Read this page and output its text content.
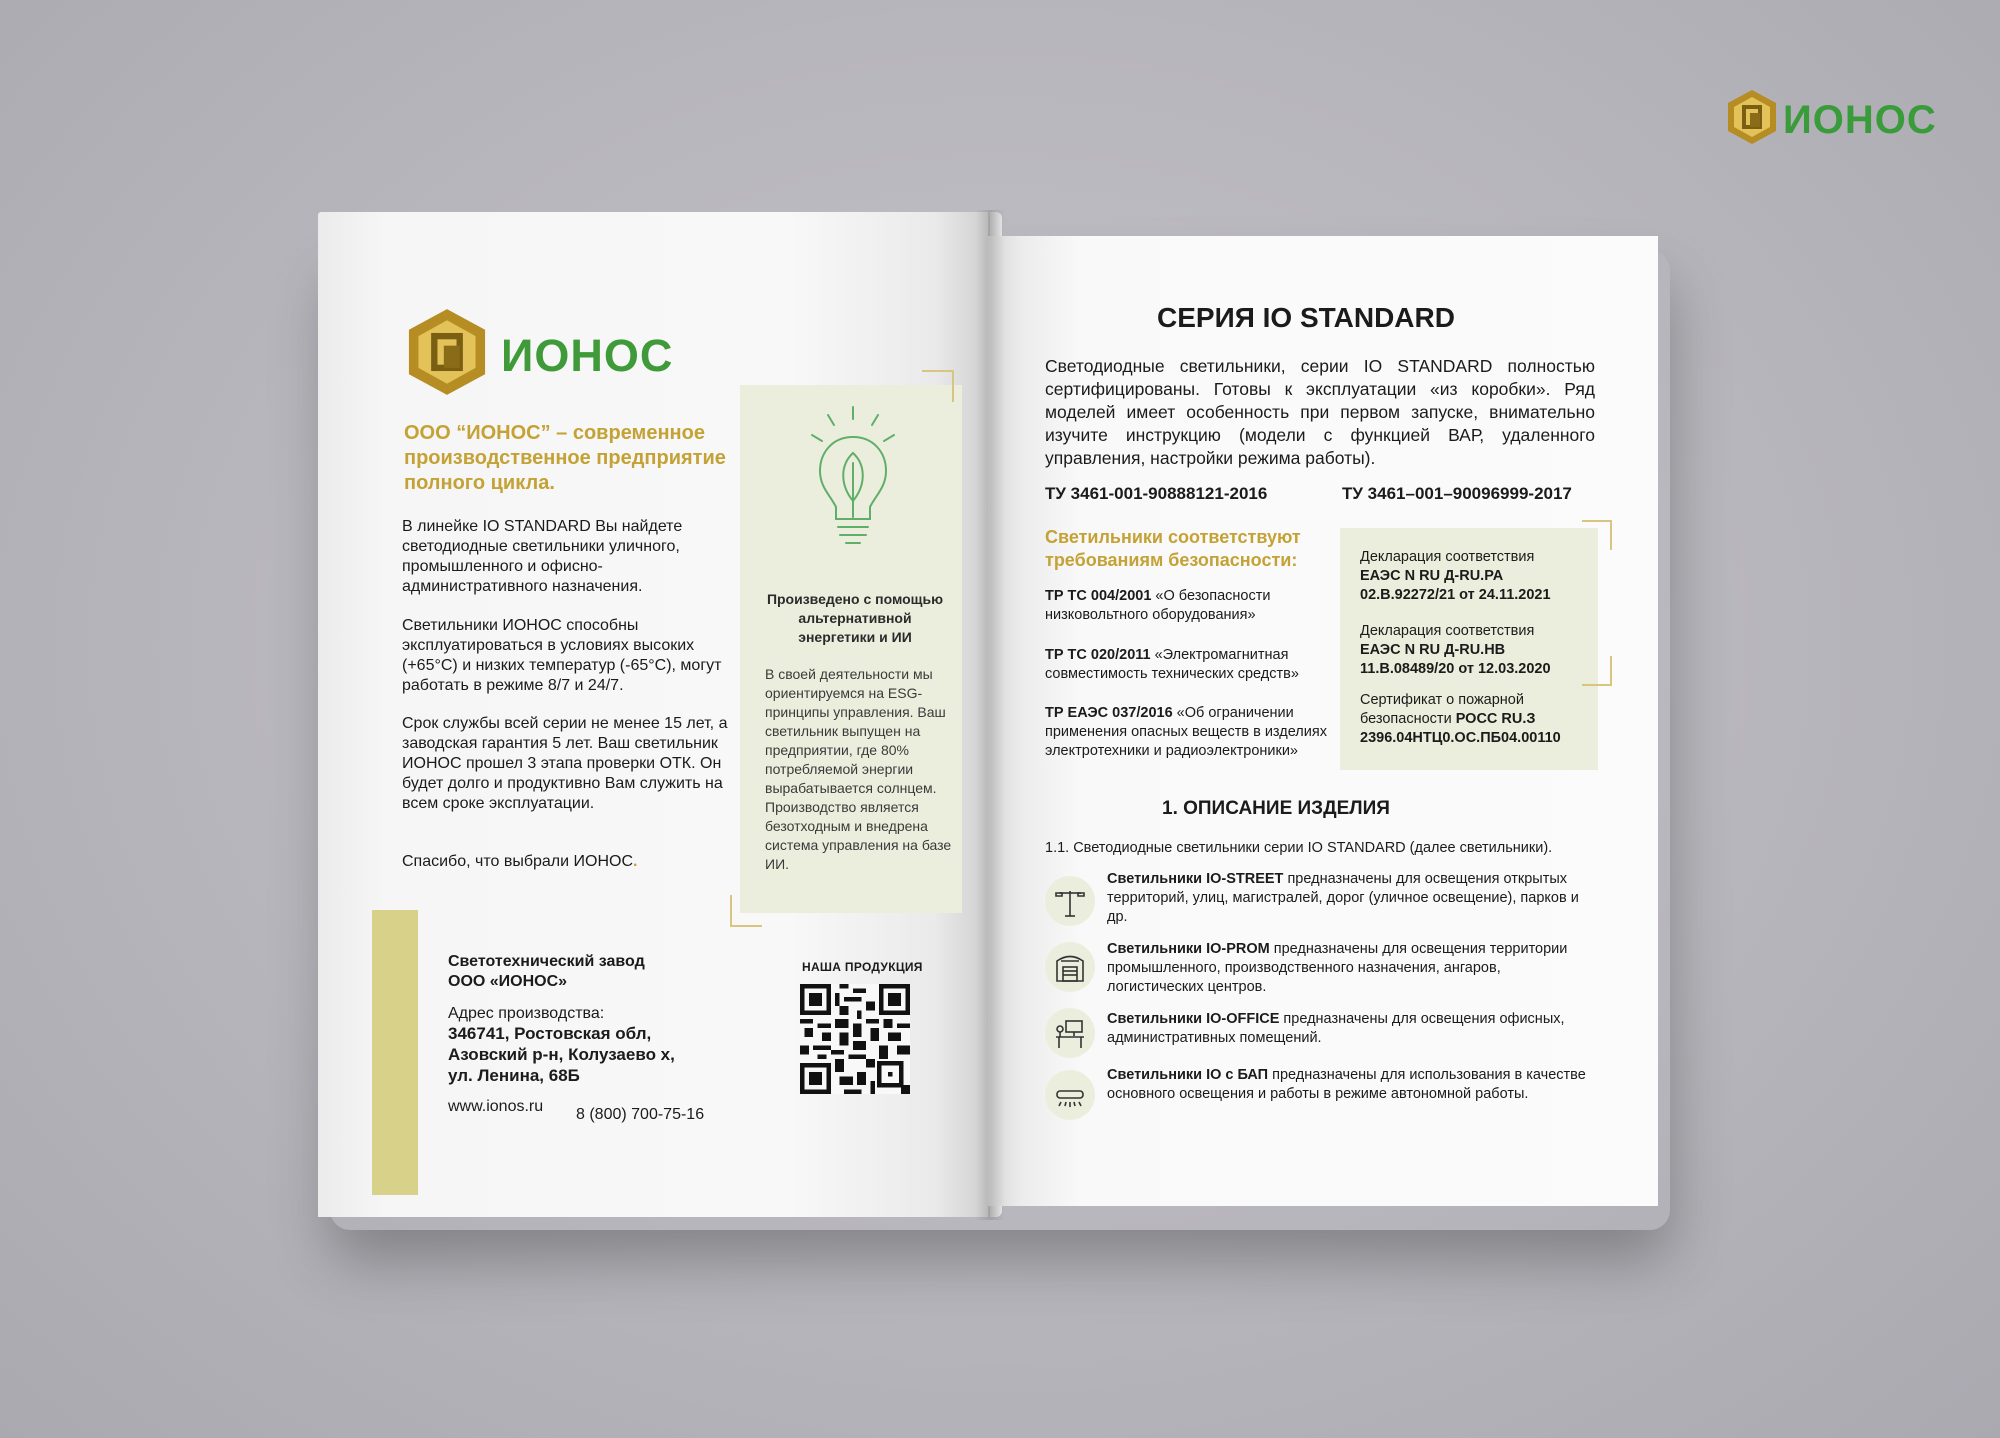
ИОНОС
ИОНОС
ООО “ИОНОС” – современное производственное предприятие полного цикла.
В линейке IO STANDARD Вы найдете светодиодные светильники уличного, промышленного и офисно-административного назначения.
Светильники ИОНОС способны эксплуатироваться в условиях высоких (+65°C) и низких температур (-65°C), могут работать в режиме 8/7 и 24/7.
Срок службы всей серии не менее 15 лет, а заводская гарантия 5 лет. Ваш светильник ИОНОС прошел 3 этапа проверки ОТК. Он будет долго и продуктивно Вам служить на всем сроке эксплуатации.
Спасибо, что выбрали ИОНОС.
Произведено с помощью альтернативной энергетики и ИИ
В своей деятельности мы ориентируемся на ESG-принципы управления. Ваш светильник выпущен на предприятии, где 80% потребляемой энергии вырабатывается солнцем. Производство является безотходным и внедрена система управления на базе ИИ.
Светотехнический завод
ООО «ИОНОС»
Адрес производства:
346741, Ростовская обл,
Азовский р-н, Колузаево х,
ул. Ленина, 68Б
www.ionos.ru 8 (800) 700-75-16
НАША ПРОДУКЦИЯ
СЕРИЯ IO STANDARD
Светодиодные светильники, серии IO STANDARD полностью сертифицированы. Готовы к эксплуатации «из коробки». Ряд моделей имеет особенность при первом запуске, внимательно изучите инструкцию (модели с функцией ВАР, удаленного управления, настройки режима работы).
ТУ 3461-001-90888121-2016	ТУ 3461–001–90096999-2017
Светильники соответствуют требованиям безопасности:
ТР ТС 004/2001 «О безопасности низковольтного оборудования»
ТР ТС 020/2011 «Электромагнитная совместимость технических средств»
ТР ЕАЭС 037/2016 «Об ограничении применения опасных веществ в изделиях электротехники и радиоэлектроники»
Декларация соответствия
ЕАЭС N RU Д-RU.PA 02.В.92272/21 от 24.11.2021
Декларация соответствия
ЕАЭС N RU Д-RU.НВ 11.В.08489/20 от 12.03.2020
Сертификат о пожарной безопасности РОСС RU.З
2396.04НТЦ0.ОС.ПБ04.00110
1. ОПИСАНИЕ ИЗДЕЛИЯ
1.1. Светодиодные светильники серии IO STANDARD (далее светильники).
Светильники IO-STREET предназначены для освещения открытых территорий, улиц, магистралей, дорог (уличное освещение), парков и др.
Светильники IO-PROM предназначены для освещения территории промышленного, производственного назначения, ангаров, логистических центров.
Светильники IO-OFFICE предназначены для освещения офисных, административных помещений.
Светильники IO с БАП предназначены для использования в качестве основного освещения и работы в режиме автономной работы.
